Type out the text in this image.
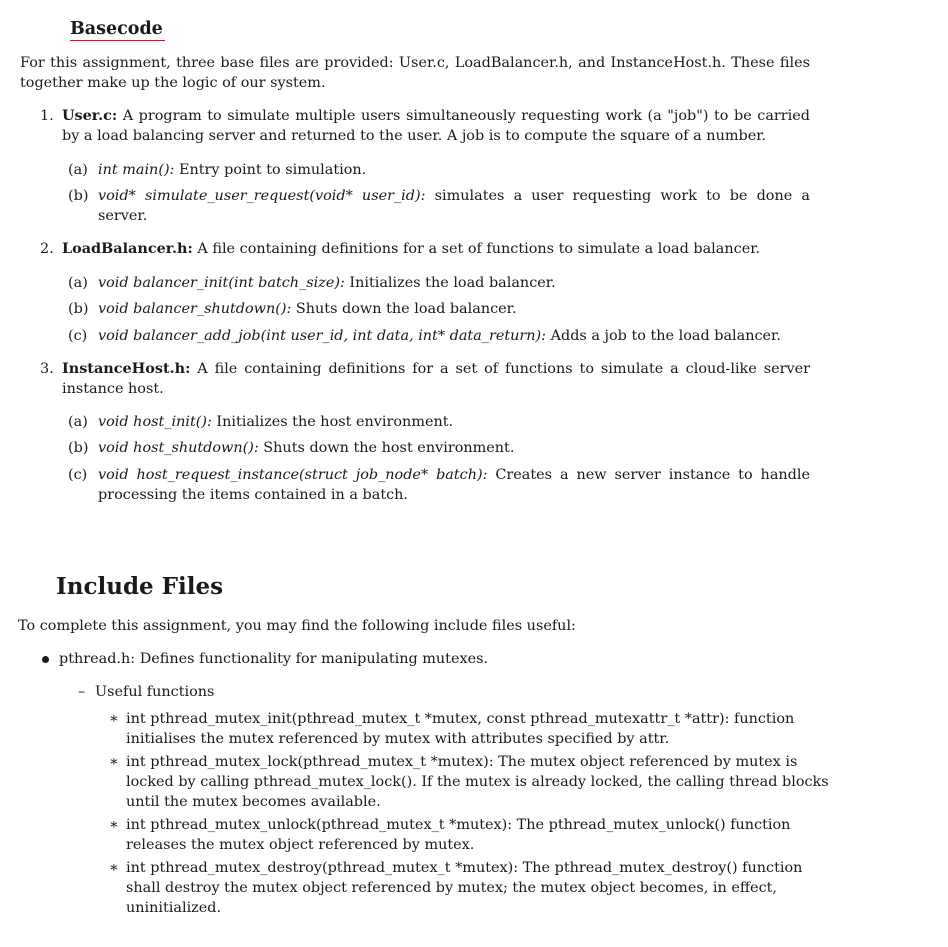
Basecode
For this assignment, three base files are provided: User.c, LoadBalancer.h, and InstanceHost.h. These files together make up the logic of our system.
1. User.c: A program to simulate multiple users simultaneously requesting work (a "job") to be carried by a load balancing server and returned to the user. A job is to compute the square of a number.
(a) int main(): Entry point to simulation.
(b) void* simulate_user_request(void* user_id): simulates a user requesting work to be done a server.
2. LoadBalancer.h: A file containing definitions for a set of functions to simulate a load balancer.
(a) void balancer_init(int batch_size): Initializes the load balancer.
(b) void balancer_shutdown(): Shuts down the load balancer.
(c) void balancer_add_job(int user_id, int data, int* data_return): Adds a job to the load balancer.
3. InstanceHost.h: A file containing definitions for a set of functions to simulate a cloud-like server instance host.
(a) void host_init(): Initializes the host environment.
(b) void host_shutdown(): Shuts down the host environment.
(c) void host_request_instance(struct job_node* batch): Creates a new server instance to handle processing the items contained in a batch.
Include Files
To complete this assignment, you may find the following include files useful:
pthread.h: Defines functionality for manipulating mutexes.
– Useful functions
∗ int pthread_mutex_init(pthread_mutex_t *mutex, const pthread_mutexattr_t *attr): function initialises the mutex referenced by mutex with attributes specified by attr.
∗ int pthread_mutex_lock(pthread_mutex_t *mutex): The mutex object referenced by mutex is locked by calling pthread_mutex_lock(). If the mutex is already locked, the calling thread blocks until the mutex becomes available.
∗ int pthread_mutex_unlock(pthread_mutex_t *mutex): The pthread_mutex_unlock() function releases the mutex object referenced by mutex.
∗ int pthread_mutex_destroy(pthread_mutex_t *mutex): The pthread_mutex_destroy() function shall destroy the mutex object referenced by mutex; the mutex object becomes, in effect, uninitialized.
